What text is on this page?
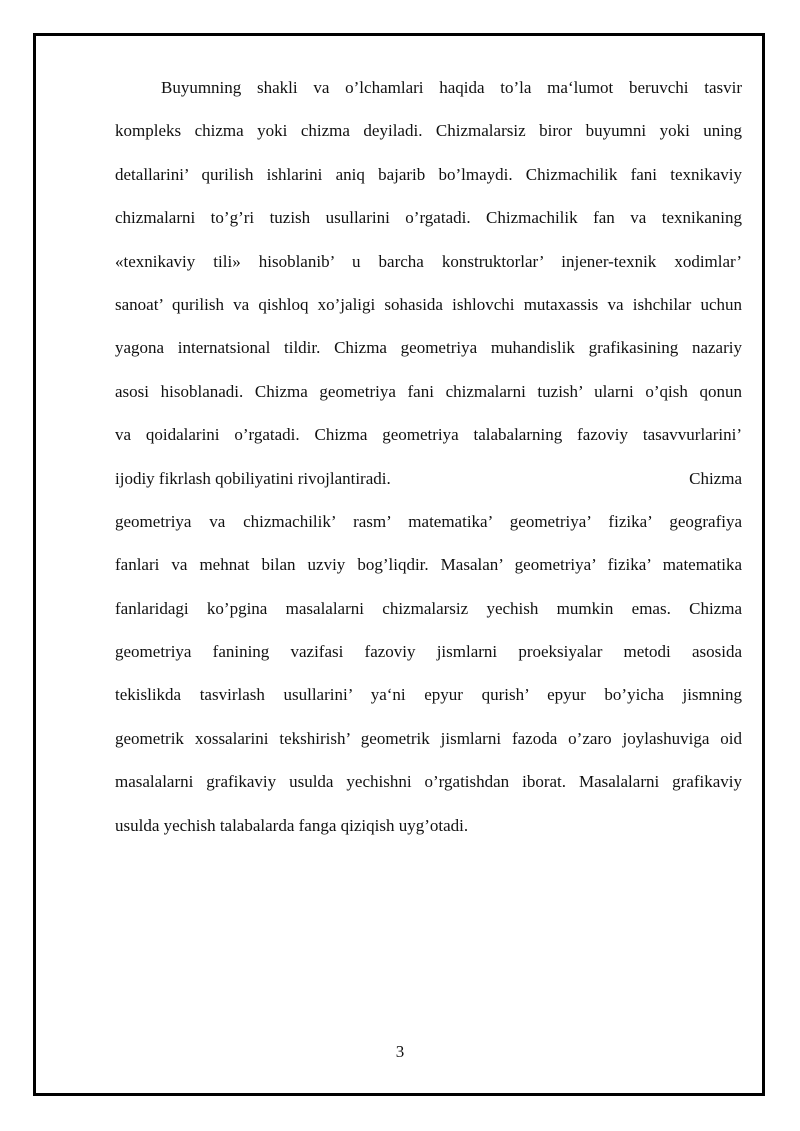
Buyumning shakli va o’lchamlari haqida to’la ma‘lumot beruvchi tasvir
kompleks chizma yoki chizma deyiladi. Chizmalarsiz biror buyumni yoki uning
detallarini’ qurilish ishlarini aniq bajarib bo’lmaydi. Chizmachilik fani texnikaviy
chizmalarni to’g’ri tuzish usullarini o’rgatadi. Chizmachilik fan va texnikaning
«texnikaviy tili» hisoblanib’ u barcha konstruktorlar’ injener-texnik xodimlar’
sanoat’ qurilish va qishloq xo’jaligi sohasida ishlovchi mutaxassis va ishchilar uchun
yagona internatsional tildir. Chizma geometriya muhandislik grafikasining nazariy
asosi hisoblanadi. Chizma geometriya fani chizmalarni tuzish’ ularni o’qish qonun
va qoidalarini o’rgatadi. Chizma geometriya talabalarning fazoviy tasavvurlarini’
ijodiy fikrlash qobiliyatini rivojlantiradi.	Chizma
geometriya va chizmachilik’ rasm’ matematika’ geometriya’ fizika’ geografiya
fanlari va mehnat bilan uzviy bog’liqdir. Masalan’ geometriya’ fizika’ matematika
fanlaridagi ko’pgina masalalarni chizmalarsiz yechish mumkin emas. Chizma
geometriya fanining vazifasi fazoviy jismlarni proeksiyalar metodi asosida
tekislikda tasvirlash usullarini’ ya‘ni epyur qurish’ epyur bo’yicha jismning
geometrik xossalarini tekshirish’ geometrik jismlarni fazoda o’zaro joylashuviga oid
masalalarni grafikaviy usulda yechishni o’rgatishdan iborat. Masalalarni grafikaviy
usulda yechish talabalarda fanga qiziqish uyg’otadi.
3
